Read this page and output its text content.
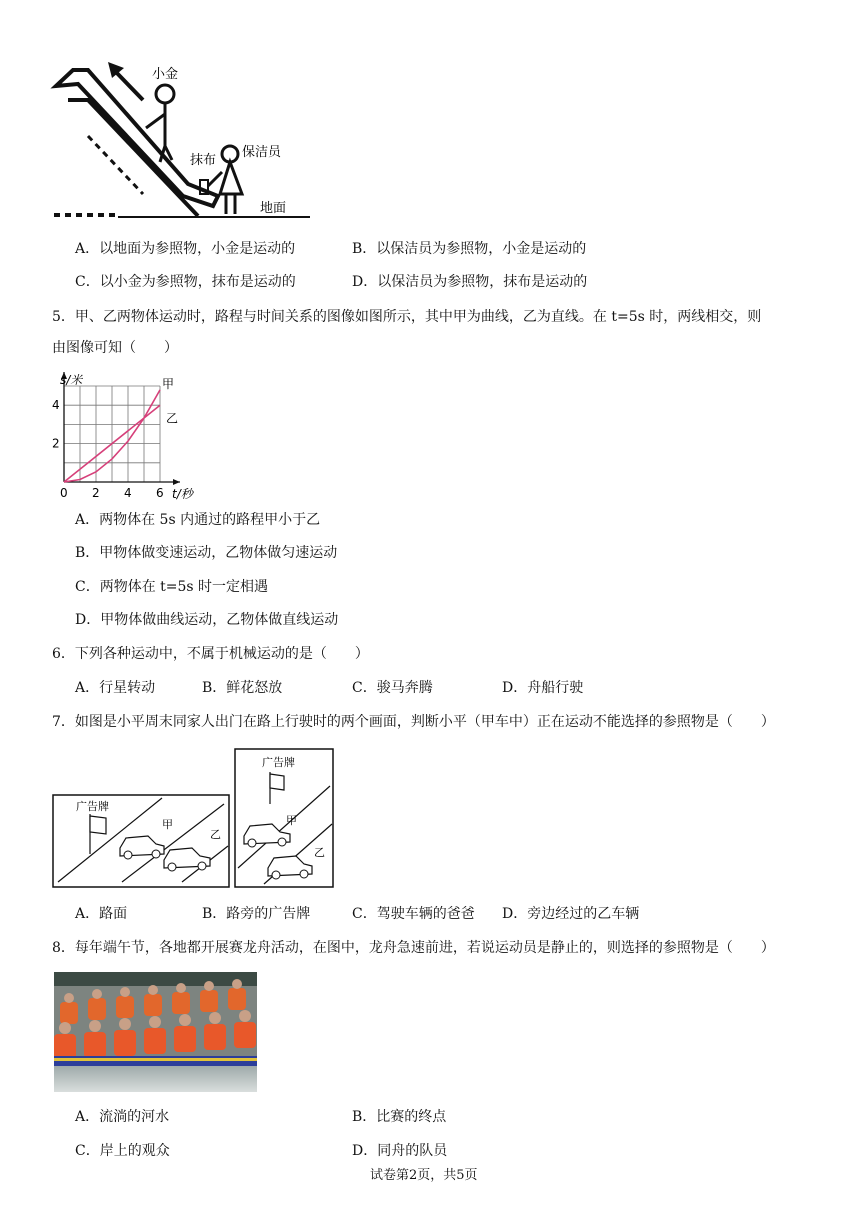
小金
保洁员
抹布
地面
A．以地面为参照物，小金是运动的	B．以保洁员为参照物，小金是运动的
C．以小金为参照物，抹布是运动的	D．以保洁员为参照物，抹布是运动的
5．甲、乙两物体运动时，路程与时间关系的图像如图所示，其中甲为曲线，乙为直线。在 t=5s 时，两线相交，则
由图像可知（　　）
0 2 4 6
2
4
s/米
t/秒
甲
乙
A．两物体在 5s 内通过的路程甲小于乙
B．甲物体做变速运动，乙物体做匀速运动
C．两物体在 t=5s 时一定相遇
D．甲物体做曲线运动，乙物体做直线运动
6．下列各种运动中，不属于机械运动的是（　　）
A．行星转动	B．鲜花怒放	C．骏马奔腾	D．舟船行驶
7．如图是小平周末同家人出门在路上行驶时的两个画面，判断小平（甲车中）正在运动不能选择的参照物是（　　）
广告牌
甲
乙
广告牌
甲
乙
A．路面	B．路旁的广告牌	C．驾驶车辆的爸爸 D．旁边经过的乙车辆
8．每年端午节，各地都开展赛龙舟活动，在图中，龙舟急速前进，若说运动员是静止的，则选择的参照物是（　　）
A．流淌的河水	B．比赛的终点
C．岸上的观众	D．同舟的队员
试卷第2页，共5页
